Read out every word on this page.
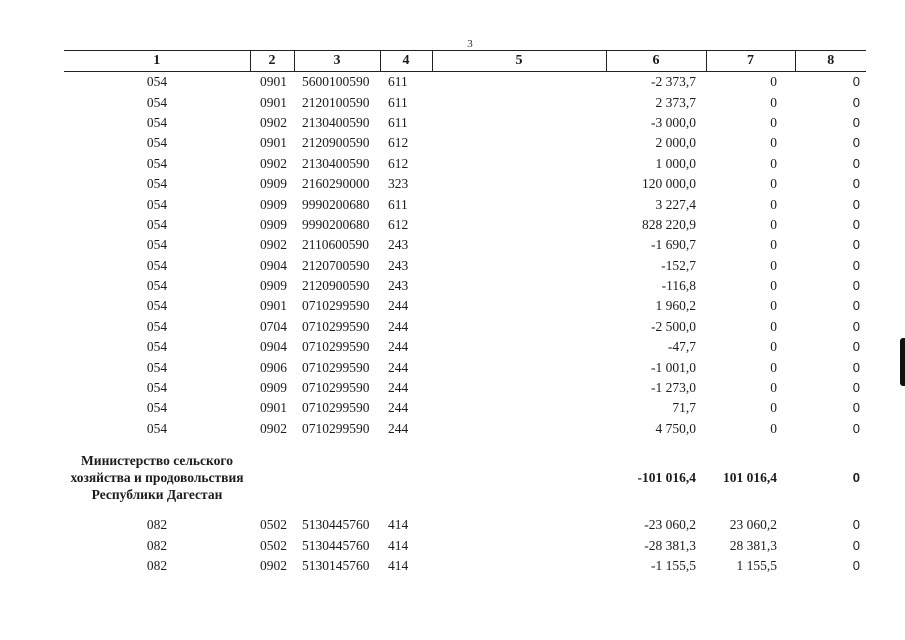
3
1	2	3	4	5	6	7	8
054	0901	5600100590	611		-2 373,7	0	0
054	0901	2120100590	611		2 373,7	0	0
054	0902	2130400590	611		-3 000,0	0	0
054	0901	2120900590	612		2 000,0	0	0
054	0902	2130400590	612		1 000,0	0	0
054	0909	2160290000	323		120 000,0	0	0
054	0909	9990200680	611		3 227,4	0	0
054	0909	9990200680	612		828 220,9	0	0
054	0902	2110600590	243		-1 690,7	0	0
054	0904	2120700590	243		-152,7	0	0
054	0909	2120900590	243		-116,8	0	0
054	0901	0710299590	244		1 960,2	0	0
054	0704	0710299590	244		-2 500,0	0	0
054	0904	0710299590	244		-47,7	0	0
054	0906	0710299590	244		-1 001,0	0	0
054	0909	0710299590	244		-1 273,0	0	0
054	0901	0710299590	244		71,7	0	0
054	0902	0710299590	244		4 750,0	0	0
Министерство сельского хозяйства и продовольствия Республики Дагестан					-101 016,4	101 016,4	0
082	0502	5130445760	414		-23 060,2	23 060,2	0
082	0502	5130445760	414		-28 381,3	28 381,3	0
082	0902	5130145760	414		-1 155,5	1 155,5	0
